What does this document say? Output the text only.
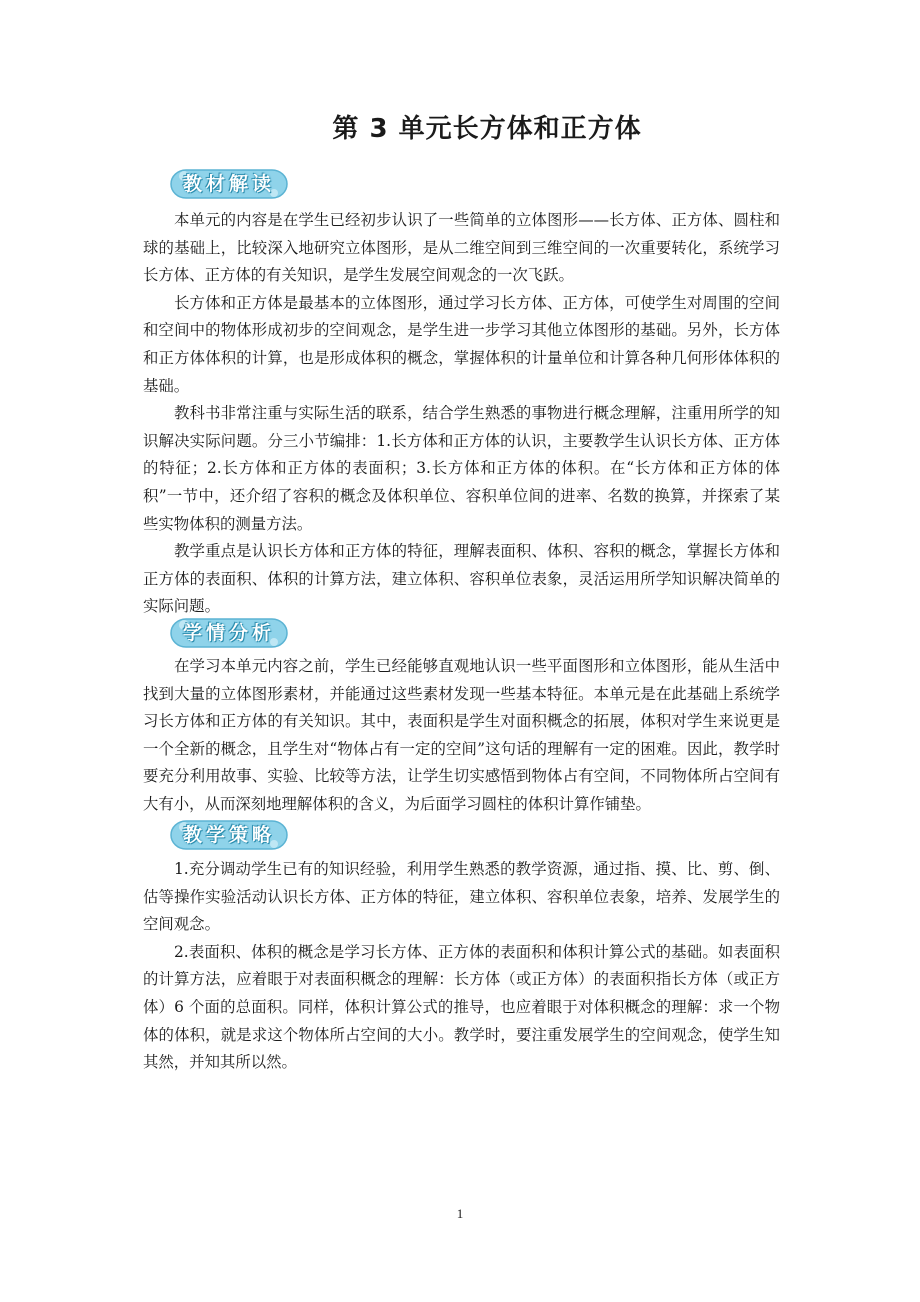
第 3 单元长方体和正方体
教材解读

本单元的内容是在学生已经初步认识了一些简单的立体图形——长方体、正方体、圆柱和球的基础上，比较深入地研究立体图形，是从二维空间到三维空间的一次重要转化，系统学习长方体、正方体的有关知识，是学生发展空间观念的一次飞跃。

长方体和正方体是最基本的立体图形，通过学习长方体、正方体，可使学生对周围的空间和空间中的物体形成初步的空间观念，是学生进一步学习其他立体图形的基础。另外，长方体和正方体体积的计算，也是形成体积的概念，掌握体积的计量单位和计算各种几何形体体积的基础。

教科书非常注重与实际生活的联系，结合学生熟悉的事物进行概念理解，注重用所学的知识解决实际问题。分三小节编排：1.长方体和正方体的认识，主要教学生认识长方体、正方体的特征；2.长方体和正方体的表面积；3.长方体和正方体的体积。在“长方体和正方体的体积”一节中，还介绍了容积的概念及体积单位、容积单位间的进率、名数的换算，并探索了某些实物体积的测量方法。

教学重点是认识长方体和正方体的特征，理解表面积、体积、容积的概念，掌握长方体和正方体的表面积、体积的计算方法，建立体积、容积单位表象，灵活运用所学知识解决简单的实际问题。

学情分析

在学习本单元内容之前，学生已经能够直观地认识一些平面图形和立体图形，能从生活中找到大量的立体图形素材，并能通过这些素材发现一些基本特征。本单元是在此基础上系统学习长方体和正方体的有关知识。其中，表面积是学生对面积概念的拓展，体积对学生来说更是一个全新的概念，且学生对“物体占有一定的空间”这句话的理解有一定的困难。因此，教学时要充分利用故事、实验、比较等方法，让学生切实感悟到物体占有空间，不同物体所占空间有大有小，从而深刻地理解体积的含义，为后面学习圆柱的体积计算作铺垫。

教学策略

1.充分调动学生已有的知识经验，利用学生熟悉的教学资源，通过指、摸、比、剪、倒、估等操作实验活动认识长方体、正方体的特征，建立体积、容积单位表象，培养、发展学生的空间观念。

2.表面积、体积的概念是学习长方体、正方体的表面积和体积计算公式的基础。如表面积的计算方法，应着眼于对表面积概念的理解：长方体（或正方体）的表面积指长方体（或正方体）6 个面的总面积。同样，体积计算公式的推导，也应着眼于对体积概念的理解：求一个物体的体积，就是求这个物体所占空间的大小。教学时，要注重发展学生的空间观念，使学生知其然，并知其所以然。

1
